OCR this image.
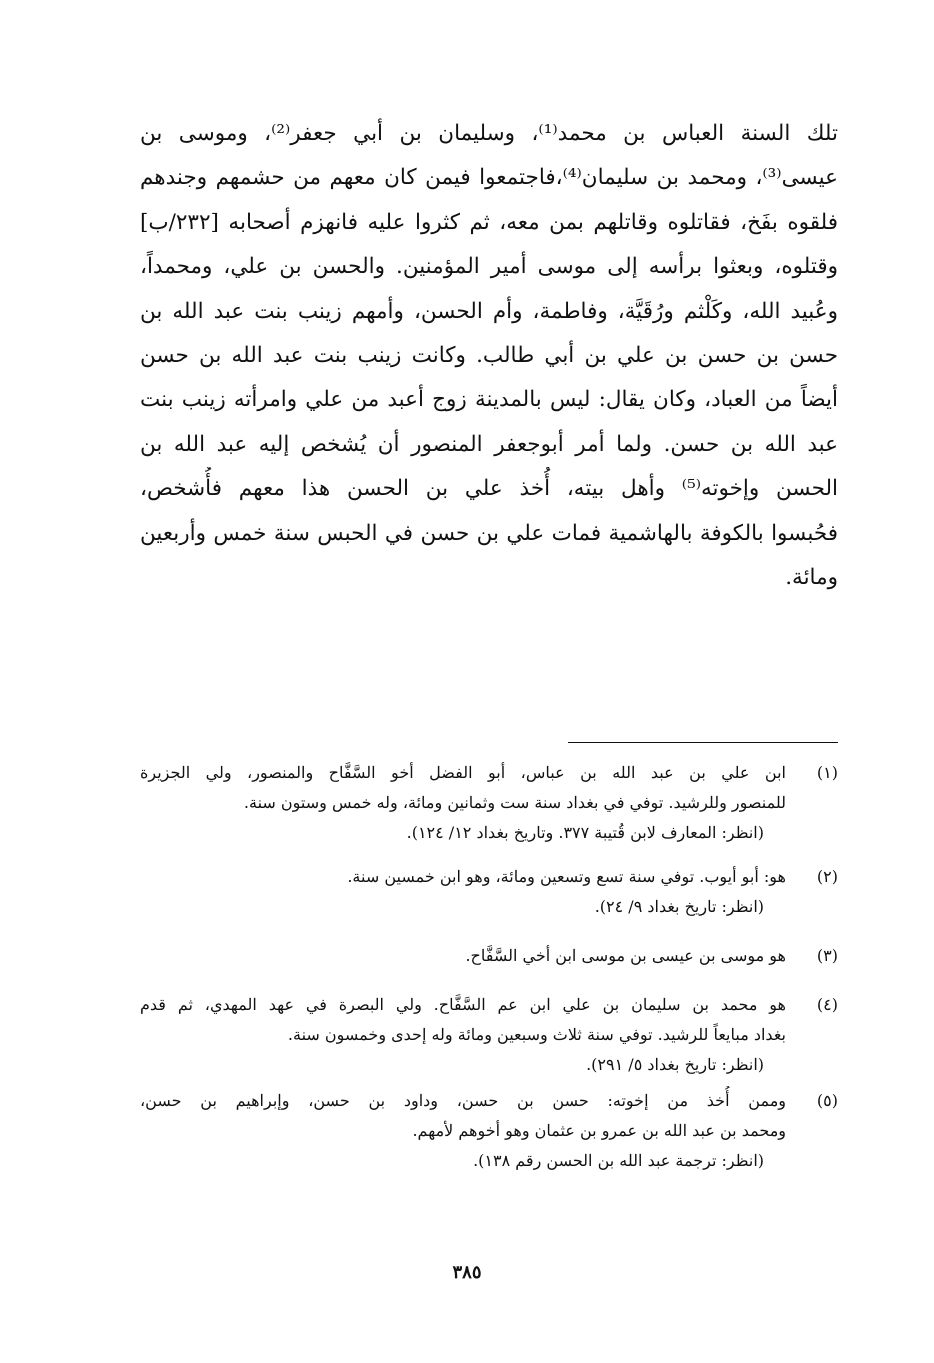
تلك السنة العباس بن محمد⁽¹⁾، وسليمان بن أبي جعفر⁽²⁾، وموسى بن
عيسى⁽³⁾، ومحمد بن سليمان⁽⁴⁾،فاجتمعوا فيمن كان معهم من حشمهم وجندهم
فلقوه بفَخ، فقاتلوه وقاتلهم بمن معه، ثم كثروا عليه فانهزم أصحابه [٢٣٢/ب]
وقتلوه، وبعثوا برأسه إلى موسى أمير المؤمنين. والحسن بن علي، ومحمداً،
وعُبيد الله، وكَلْثم ورُقَيَّة، وفاطمة، وأم الحسن، وأمهم زينب بنت عبد الله بن
حسن بن حسن بن علي بن أبي طالب. وكانت زينب بنت عبد الله بن حسن
أيضاً من العباد، وكان يقال: ليس بالمدينة زوج أعبد من علي وامرأته زينب بنت
عبد الله بن حسن. ولما أمر أبوجعفر المنصور أن يُشخص إليه عبد الله بن
الحسن وإخوته⁽⁵⁾ وأهل بيته، أُخذ علي بن الحسن هذا معهم فأُشخص،
فحُبسوا بالكوفة بالهاشمية فمات علي بن حسن في الحبس سنة خمس وأربعين
ومائة.
(١)
ابن علي بن عبد الله بن عباس، أبو الفضل أخو السَّفَّاح والمنصور، ولي الجزيرة
للمنصور وللرشيد. توفي في بغداد سنة ست وثمانين ومائة، وله خمس وستون سنة.
(انظر: المعارف لابن قُتيبة ٣٧٧. وتاريخ بغداد ١٢/ ١٢٤).
(٢)
هو: أبو أيوب. توفي سنة تسع وتسعين ومائة، وهو ابن خمسين سنة.
(انظر: تاريخ بغداد ٩/ ٢٤).
(٣)
هو موسى بن عيسى بن موسى ابن أخي السَّفَّاح.
(٤)
هو محمد بن سليمان بن علي ابن عم السَّفَّاح. ولي البصرة في عهد المهدي، ثم قدم
بغداد مبايعاً للرشيد. توفي سنة ثلاث وسبعين ومائة وله إحدى وخمسون سنة.
(انظر: تاريخ بغداد ٥/ ٢٩١).
(٥)
وممن أُخذ من إخوته: حسن بن حسن، وداود بن حسن، وإبراهيم بن حسن،
ومحمد بن عبد الله بن عمرو بن عثمان وهو أخوهم لأمهم.
(انظر: ترجمة عبد الله بن الحسن رقم ١٣٨).
٣٨٥
